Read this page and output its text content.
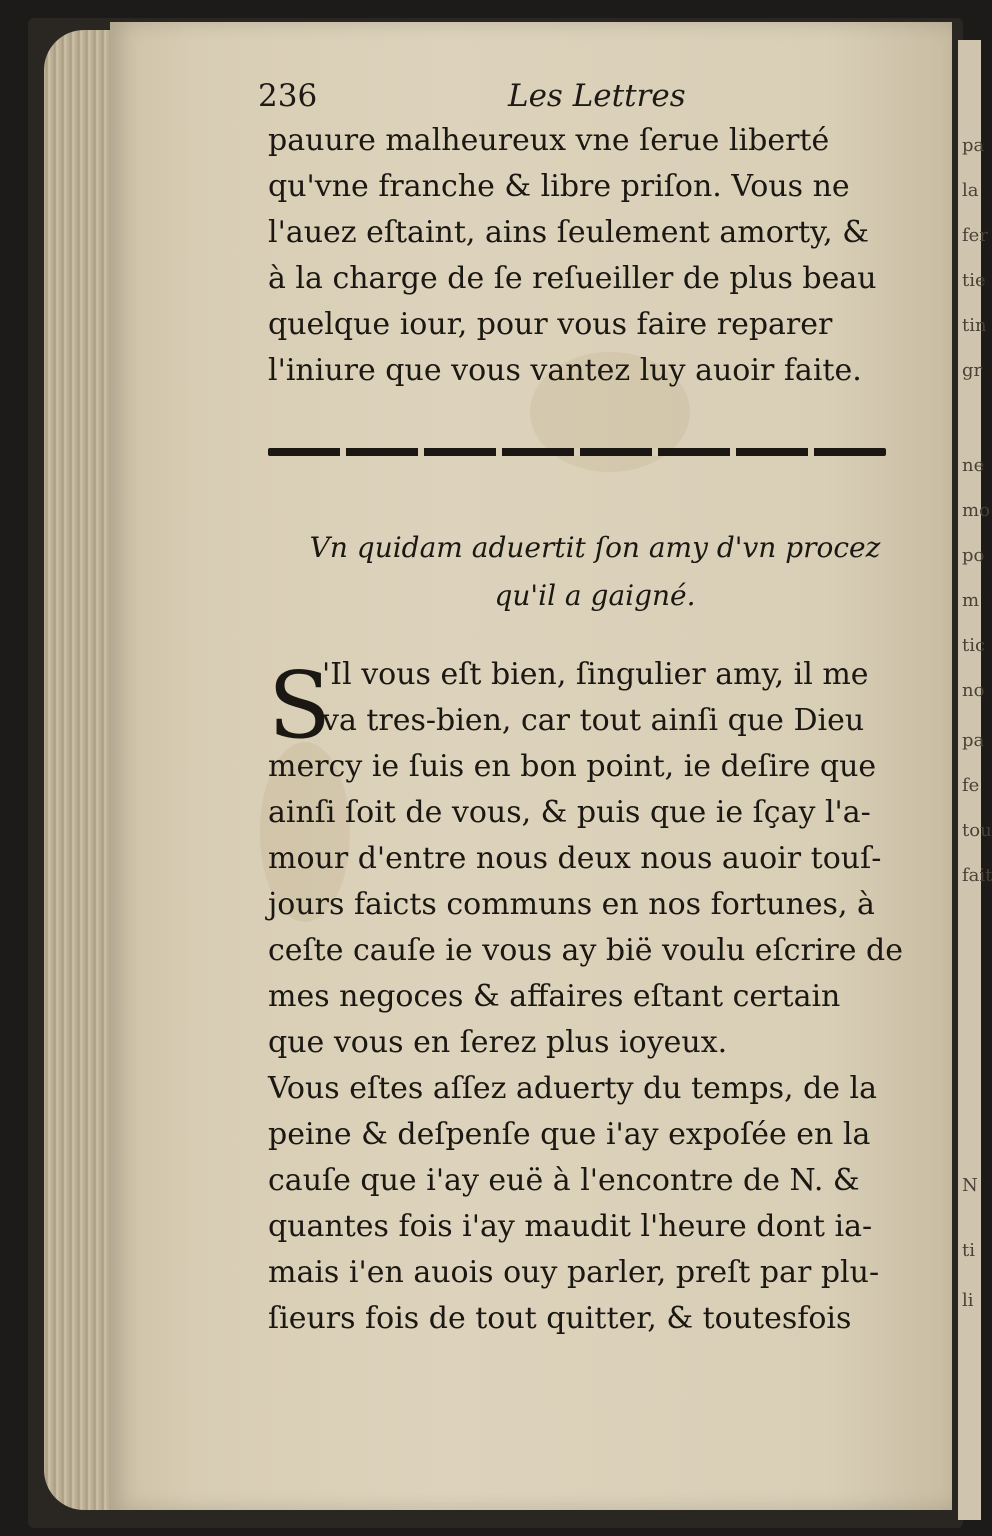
pa
la
fer
tie
tin
gr
ne
mo
po
m
tic
no
pa
fe
tou
fait
N
ti
li
236	Les Lettres
pauure malheureux vne ſerue liberté
qu'vne franche & libre priſon. Vous ne
l'auez eſtaint, ains ſeulement amorty, &
à la charge de ſe reſueiller de plus beau
quelque iour, pour vous faire reparer
l'iniure que vous vantez luy auoir faite.
Vn quidam aduertit ſon amy d'vn procez
qu'il a gaigné.
S
'Il vous eſt bien, ſingulier amy, il me
va tres-bien, car tout ainſi que Dieu
mercy ie ſuis en bon point, ie deſire que
ainſi ſoit de vous, & puis que ie ſçay l'a-
mour d'entre nous deux nous auoir touſ-
jours faicts communs en nos fortunes, à
ceſte cauſe ie vous ay bië voulu eſcrire de
mes negoces & affaires eſtant certain
que vous en ſerez plus ioyeux.
Vous eſtes aſſez aduerty du temps, de la
peine & deſpenſe que i'ay expoſée en la
cauſe que i'ay euë à l'encontre de N. &
quantes fois i'ay maudit l'heure dont ia-
mais i'en auois ouy parler, preſt par plu-
ſieurs fois de tout quitter, & toutesfois
